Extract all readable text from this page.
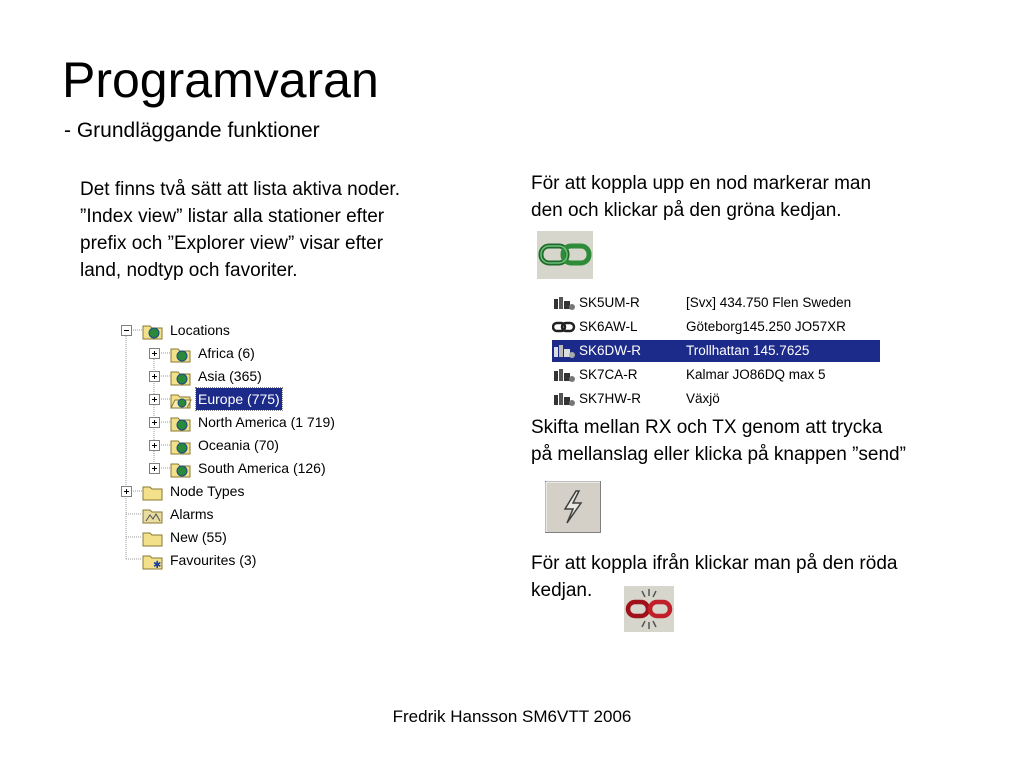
Programvaran
- Grundläggande funktioner
Det finns två sätt att lista aktiva noder.
”Index view” listar alla stationer efter
prefix och ”Explorer view” visar efter
land, nodtyp och favoriter.
Locations
Africa (6)
Asia (365)
Europe (775)
North America (1 719)
Oceania (70)
South America (126)
Node Types
Alarms
New (55)
✱ Favourites (3)
För att koppla upp en nod markerar man
den och klickar på den gröna kedjan.
SK5UM-R	[Svx] 434.750 Flen Sweden
SK6AW-L	Göteborg145.250 JO57XR
SK6DW-R	Trollhattan 145.7625
SK7CA-R	Kalmar JO86DQ max 5
SK7HW-R	Växjö
Skifta mellan RX och TX genom att trycka
på mellanslag eller klicka på knappen ”send”
För att koppla ifrån klickar man på den röda
kedjan.
Fredrik Hansson SM6VTT 2006
